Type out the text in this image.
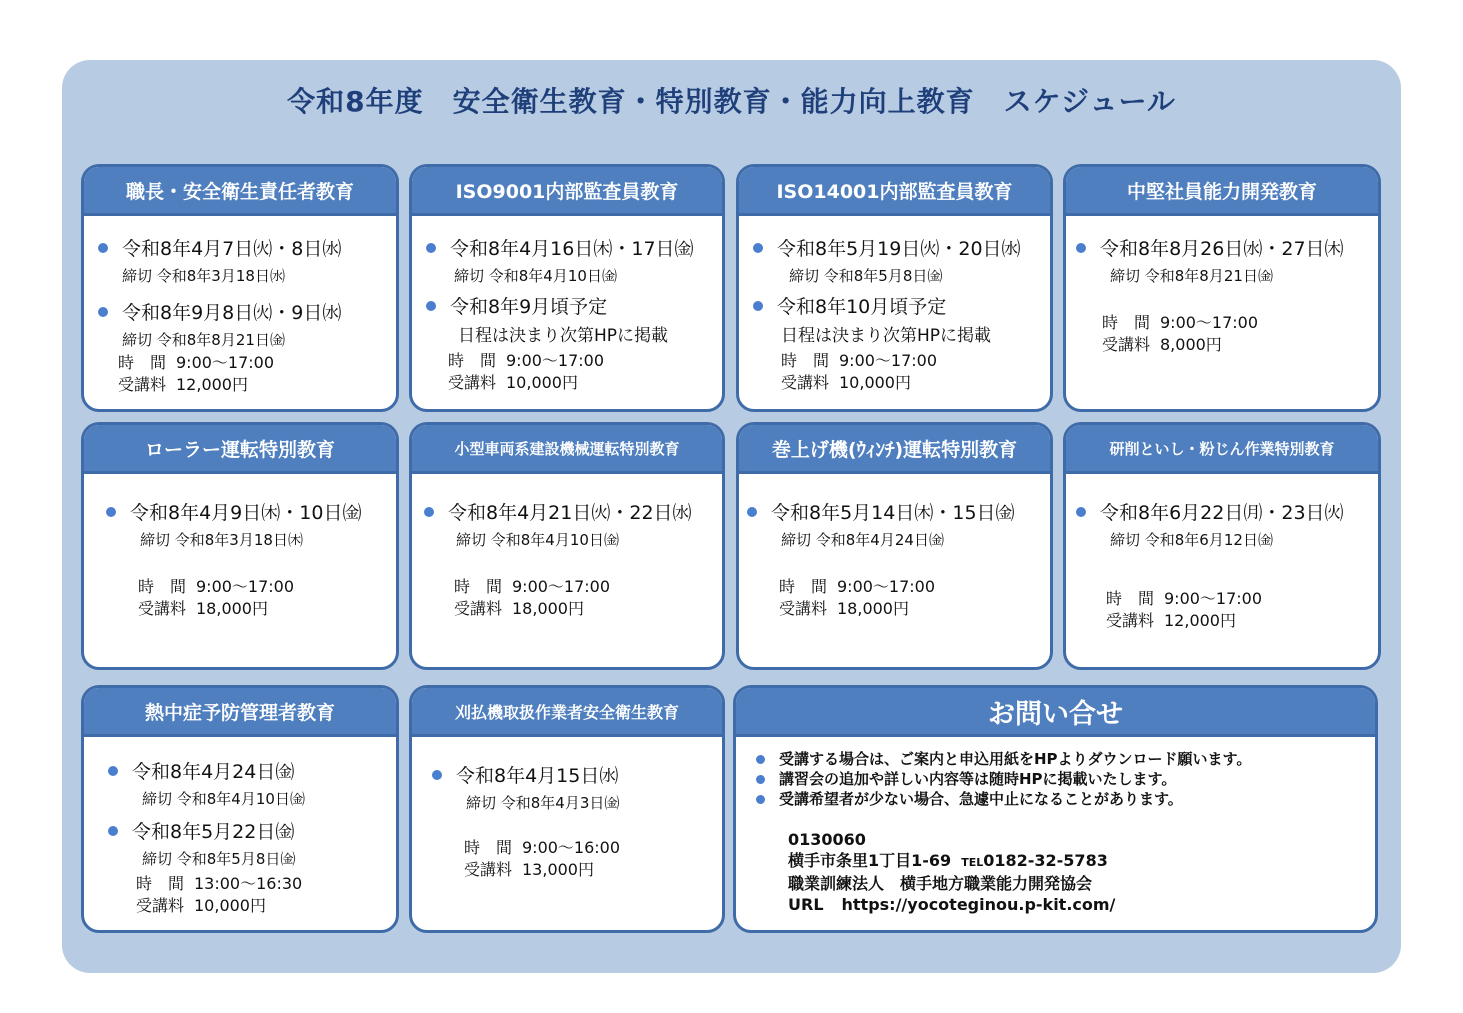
令和8年度　安全衛生教育・特別教育・能力向上教育　スケジュール
職長・安全衛生責任者教育
令和8年4月7日㈫・8日㈬
締切 令和8年3月18日㈬
令和8年9月8日㈫・9日㈬
締切 令和8年8月21日㈮
時　間 9:00～17:00
受講料 12,000円
ISO9001内部監査員教育
令和8年4月16日㈭・17日㈮
締切 令和8年4月10日㈮
令和8年9月頃予定
日程は決まり次第HPに掲載
時　間 9:00～17:00
受講料 10,000円
ISO14001内部監査員教育
令和8年5月19日㈫・20日㈬
締切 令和8年5月8日㈮
令和8年10月頃予定
日程は決まり次第HPに掲載
時　間 9:00～17:00
受講料 10,000円
中堅社員能力開発教育
令和8年8月26日㈬・27日㈭
締切 令和8年8月21日㈮
時　間 9:00～17:00
受講料 8,000円
ローラー運転特別教育
令和8年4月9日㈭・10日㈮
締切 令和8年3月18日㈭
時　間 9:00～17:00
受講料 18,000円
小型車両系建設機械運転特別教育
令和8年4月21日㈫・22日㈬
締切 令和8年4月10日㈮
時　間 9:00～17:00
受講料 18,000円
巻上げ機(ｳｨﾝﾁ)運転特別教育
令和8年5月14日㈭・15日㈮
締切 令和8年4月24日㈮
時　間 9:00～17:00
受講料 18,000円
研削といし・粉じん作業特別教育
令和8年6月22日㈪・23日㈫
締切 令和8年6月12日㈮
時　間 9:00～17:00
受講料 12,000円
熱中症予防管理者教育
令和8年4月24日㈮
締切 令和8年4月10日㈮
令和8年5月22日㈮
締切 令和8年5月8日㈮
時　間 13:00～16:30
受講料 10,000円
刈払機取扱作業者安全衛生教育
令和8年4月15日㈬
締切 令和8年4月3日㈮
時　間 9:00～16:00
受講料 13,000円
お問い合せ
受講する場合は、ご案内と申込用紙をHPよりダウンロード願います。
講習会の追加や詳しい内容等は随時HPに掲載いたします。
受講希望者が少ない場合、急遽中止になることがあります。
0130060
横手市条里1丁目1-69 TEL0182-32-5783
職業訓練法人　横手地方職業能力開発協会
URL https://yocoteginou.p-kit.com/
